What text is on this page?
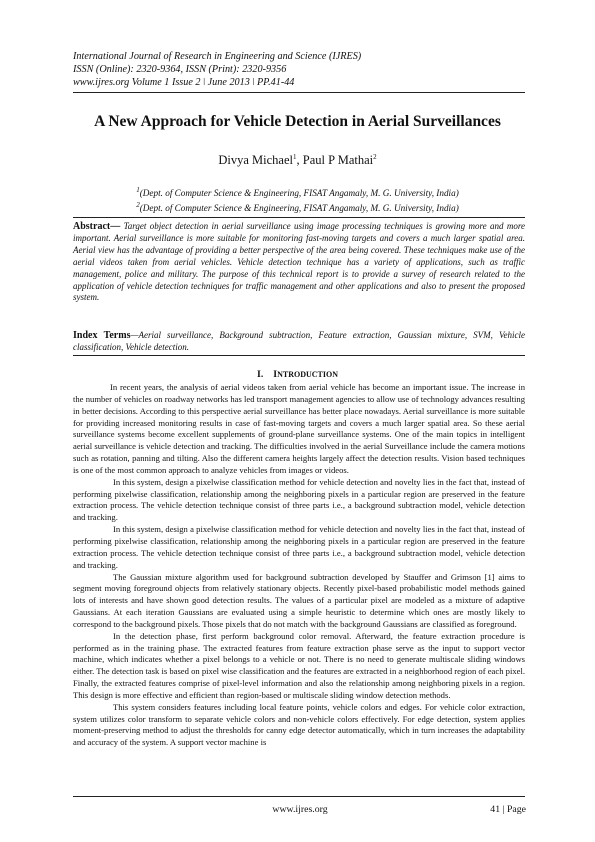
International Journal of Research in Engineering and Science (IJRES)
ISSN (Online): 2320-9364, ISSN (Print): 2320-9356
www.ijres.org Volume 1 Issue 2 ǀ June 2013 ǀ PP.41-44
A New Approach for Vehicle Detection in Aerial Surveillances
Divya Michael$^1$, Paul P Mathai$^2$
$^1$(Dept. of Computer Science & Engineering, FISAT Angamaly, M. G. University, India)
$^2$(Dept. of Computer Science & Engineering, FISAT Angamaly, M. G. University, India)
Abstract— Target object detection in aerial surveillance using image processing techniques is growing more and more important. Aerial surveillance is more suitable for monitoring fast-moving targets and covers a much larger spatial area. Aerial view has the advantage of providing a better perspective of the area being covered. These techniques make use of the aerial videos taken from aerial vehicles. Vehicle detection technique has a variety of applications, such as traffic management, police and military. The purpose of this technical report is to provide a survey of research related to the application of vehicle detection techniques for traffic management and other applications and also to present the proposed system.
Index Terms—Aerial surveillance, Background subtraction, Feature extraction, Gaussian mixture, SVM, Vehicle classification, Vehicle detection.
I. INTRODUCTION

In recent years, the analysis of aerial videos taken from aerial vehicle has become an important issue. The increase in the number of vehicles on roadway networks has led transport management agencies to allow use of technology advances resulting in better decisions. According to this perspective aerial surveillance has better place nowadays. Aerial surveillance is more suitable for providing increased monitoring results in case of fast-moving targets and covers a much larger spatial area. So these aerial surveillance systems become excellent supplements of ground-plane surveillance systems. One of the main topics in intelligent aerial surveillance is vehicle detection and tracking. The difficulties involved in the aerial Surveillance include the camera motions such as rotation, panning and tilting. Also the different camera heights largely affect the detection results. Vision based techniques is one of the most common approach to analyze vehicles from images or videos.

In this system, design a pixelwise classification method for vehicle detection and novelty lies in the fact that, instead of performing pixelwise classification, relationship among the neighboring pixels in a particular region are preserved in the feature extraction process. The vehicle detection technique consist of three parts i.e., a background subtraction model, vehicle detection and tracking.

In this system, design a pixelwise classification method for vehicle detection and novelty lies in the fact that, instead of performing pixelwise classification, relationship among the neighboring pixels in a particular region are preserved in the feature extraction process. The vehicle detection technique consist of three parts i.e., a background subtraction model, vehicle detection and tracking.

The Gaussian mixture algorithm used for background subtraction developed by Stauffer and Grimson [1] aims to segment moving foreground objects from relatively stationary objects. Recently pixel-based probabilistic model methods gained lots of interests and have shown good detection results. The values of a particular pixel are modeled as a mixture of adaptive Gaussians. At each iteration Gaussians are evaluated using a simple heuristic to determine which ones are mostly likely to correspond to the background pixels. Those pixels that do not match with the background Gaussians are classified as foreground.

In the detection phase, first perform background color removal. Afterward, the feature extraction procedure is performed as in the training phase. The extracted features from feature extraction phase serve as the input to support vector machine, which indicates whether a pixel belongs to a vehicle or not. There is no need to generate multiscale sliding windows either. The detection task is based on pixel wise classification and the features are extracted in a neighborhood region of each pixel. Finally, the extracted features comprise of pixel-level information and also the relationship among neighboring pixels in a region. This design is more effective and efficient than region-based or multiscale sliding window detection methods.

This system considers features including local feature points, vehicle colors and edges. For vehicle color extraction, system utilizes color transform to separate vehicle colors and non-vehicle colors effectively. For edge detection, system applies moment-preserving method to adjust the thresholds for canny edge detector automatically, which in turn increases the adaptability and accuracy of the system. A support vector machine is

www.ijres.org	41 | Page
